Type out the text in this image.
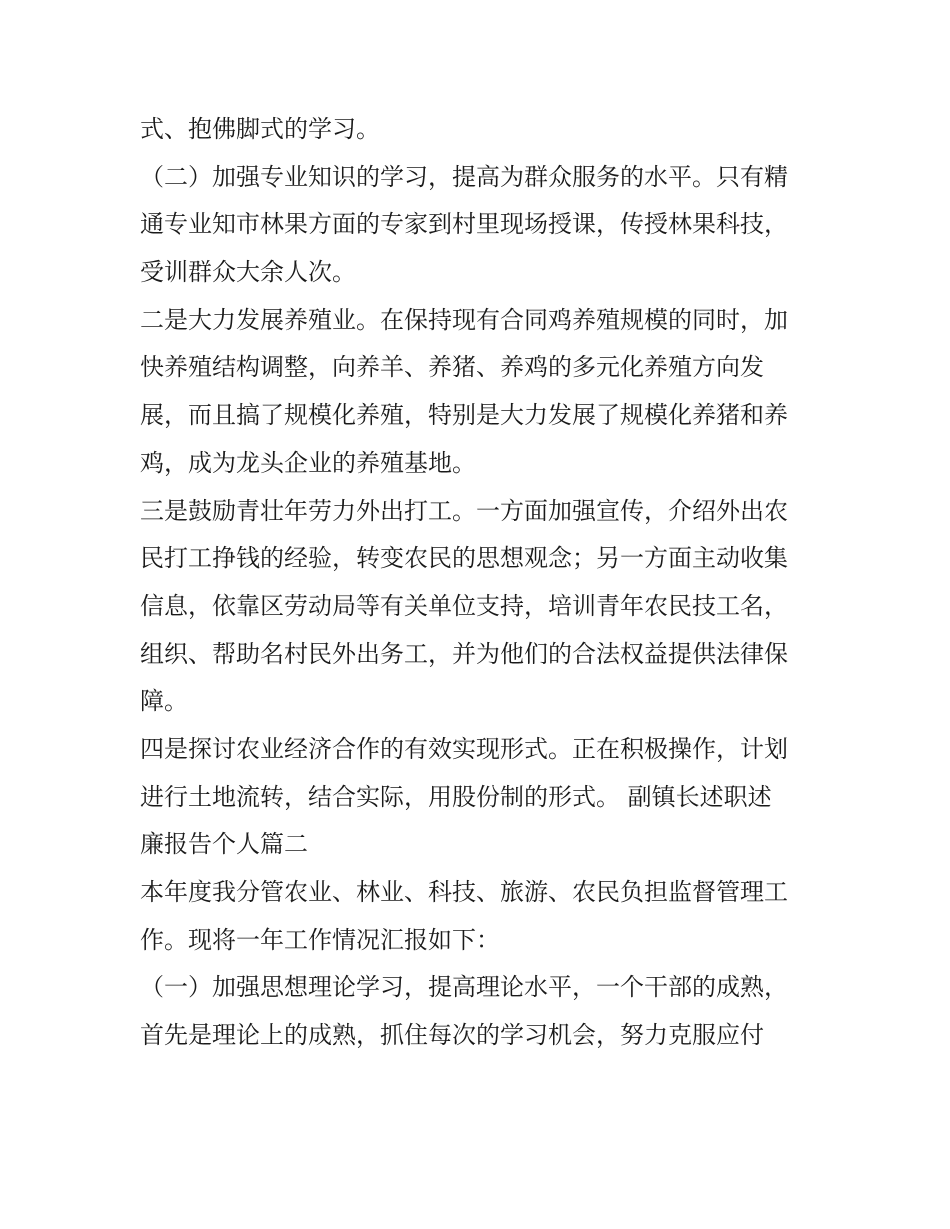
式、抱佛脚式的学习。
（二）加强专业知识的学习，提高为群众服务的水平。只有精
通专业知市林果方面的专家到村里现场授课，传授林果科技，
受训群众大余人次。
二是大力发展养殖业。在保持现有合同鸡养殖规模的同时，加
快养殖结构调整，向养羊、养猪、养鸡的多元化养殖方向发
展，而且搞了规模化养殖，特别是大力发展了规模化养猪和养
鸡，成为龙头企业的养殖基地。
三是鼓励青壮年劳力外出打工。一方面加强宣传，介绍外出农
民打工挣钱的经验，转变农民的思想观念；另一方面主动收集
信息，依靠区劳动局等有关单位支持，培训青年农民技工名，
组织、帮助名村民外出务工，并为他们的合法权益提供法律保
障。
四是探讨农业经济合作的有效实现形式。正在积极操作，计划
进行土地流转，结合实际，用股份制的形式。 副镇长述职述
廉报告个人篇二
本年度我分管农业、林业、科技、旅游、农民负担监督管理工
作。现将一年工作情况汇报如下：
（一）加强思想理论学习，提高理论水平，一个干部的成熟，
首先是理论上的成熟，抓住每次的学习机会，努力克服应付
